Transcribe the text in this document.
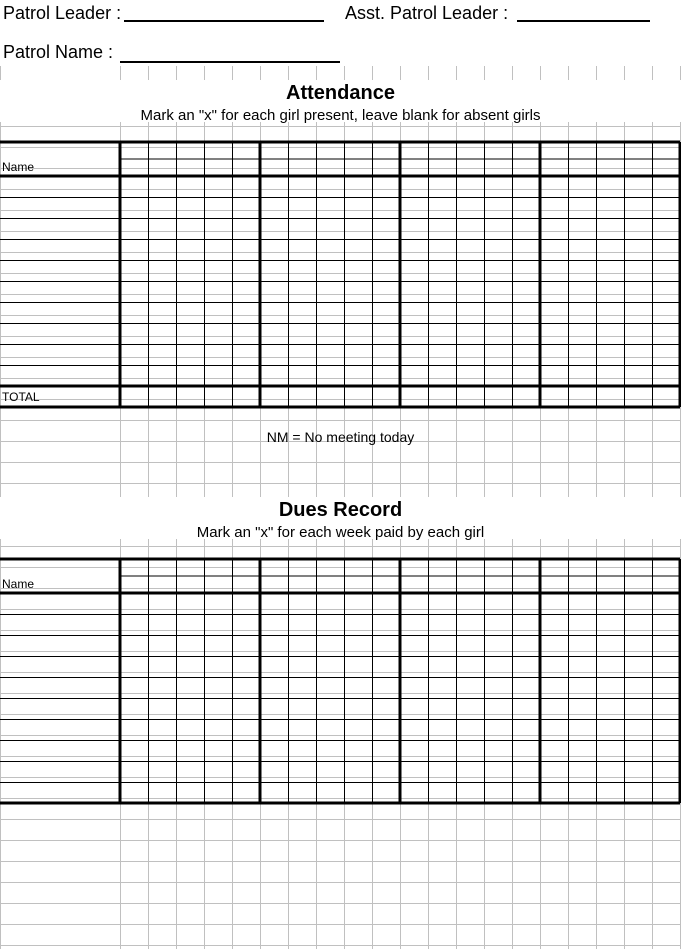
Patrol Leader :	Asst. Patrol Leader :
Patrol Name :
Attendance
Mark an "x" for each girl present, leave blank for absent girls
Name
TOTAL
NM = No meeting today
Dues Record
Mark an "x" for each week paid by each girl
Name
